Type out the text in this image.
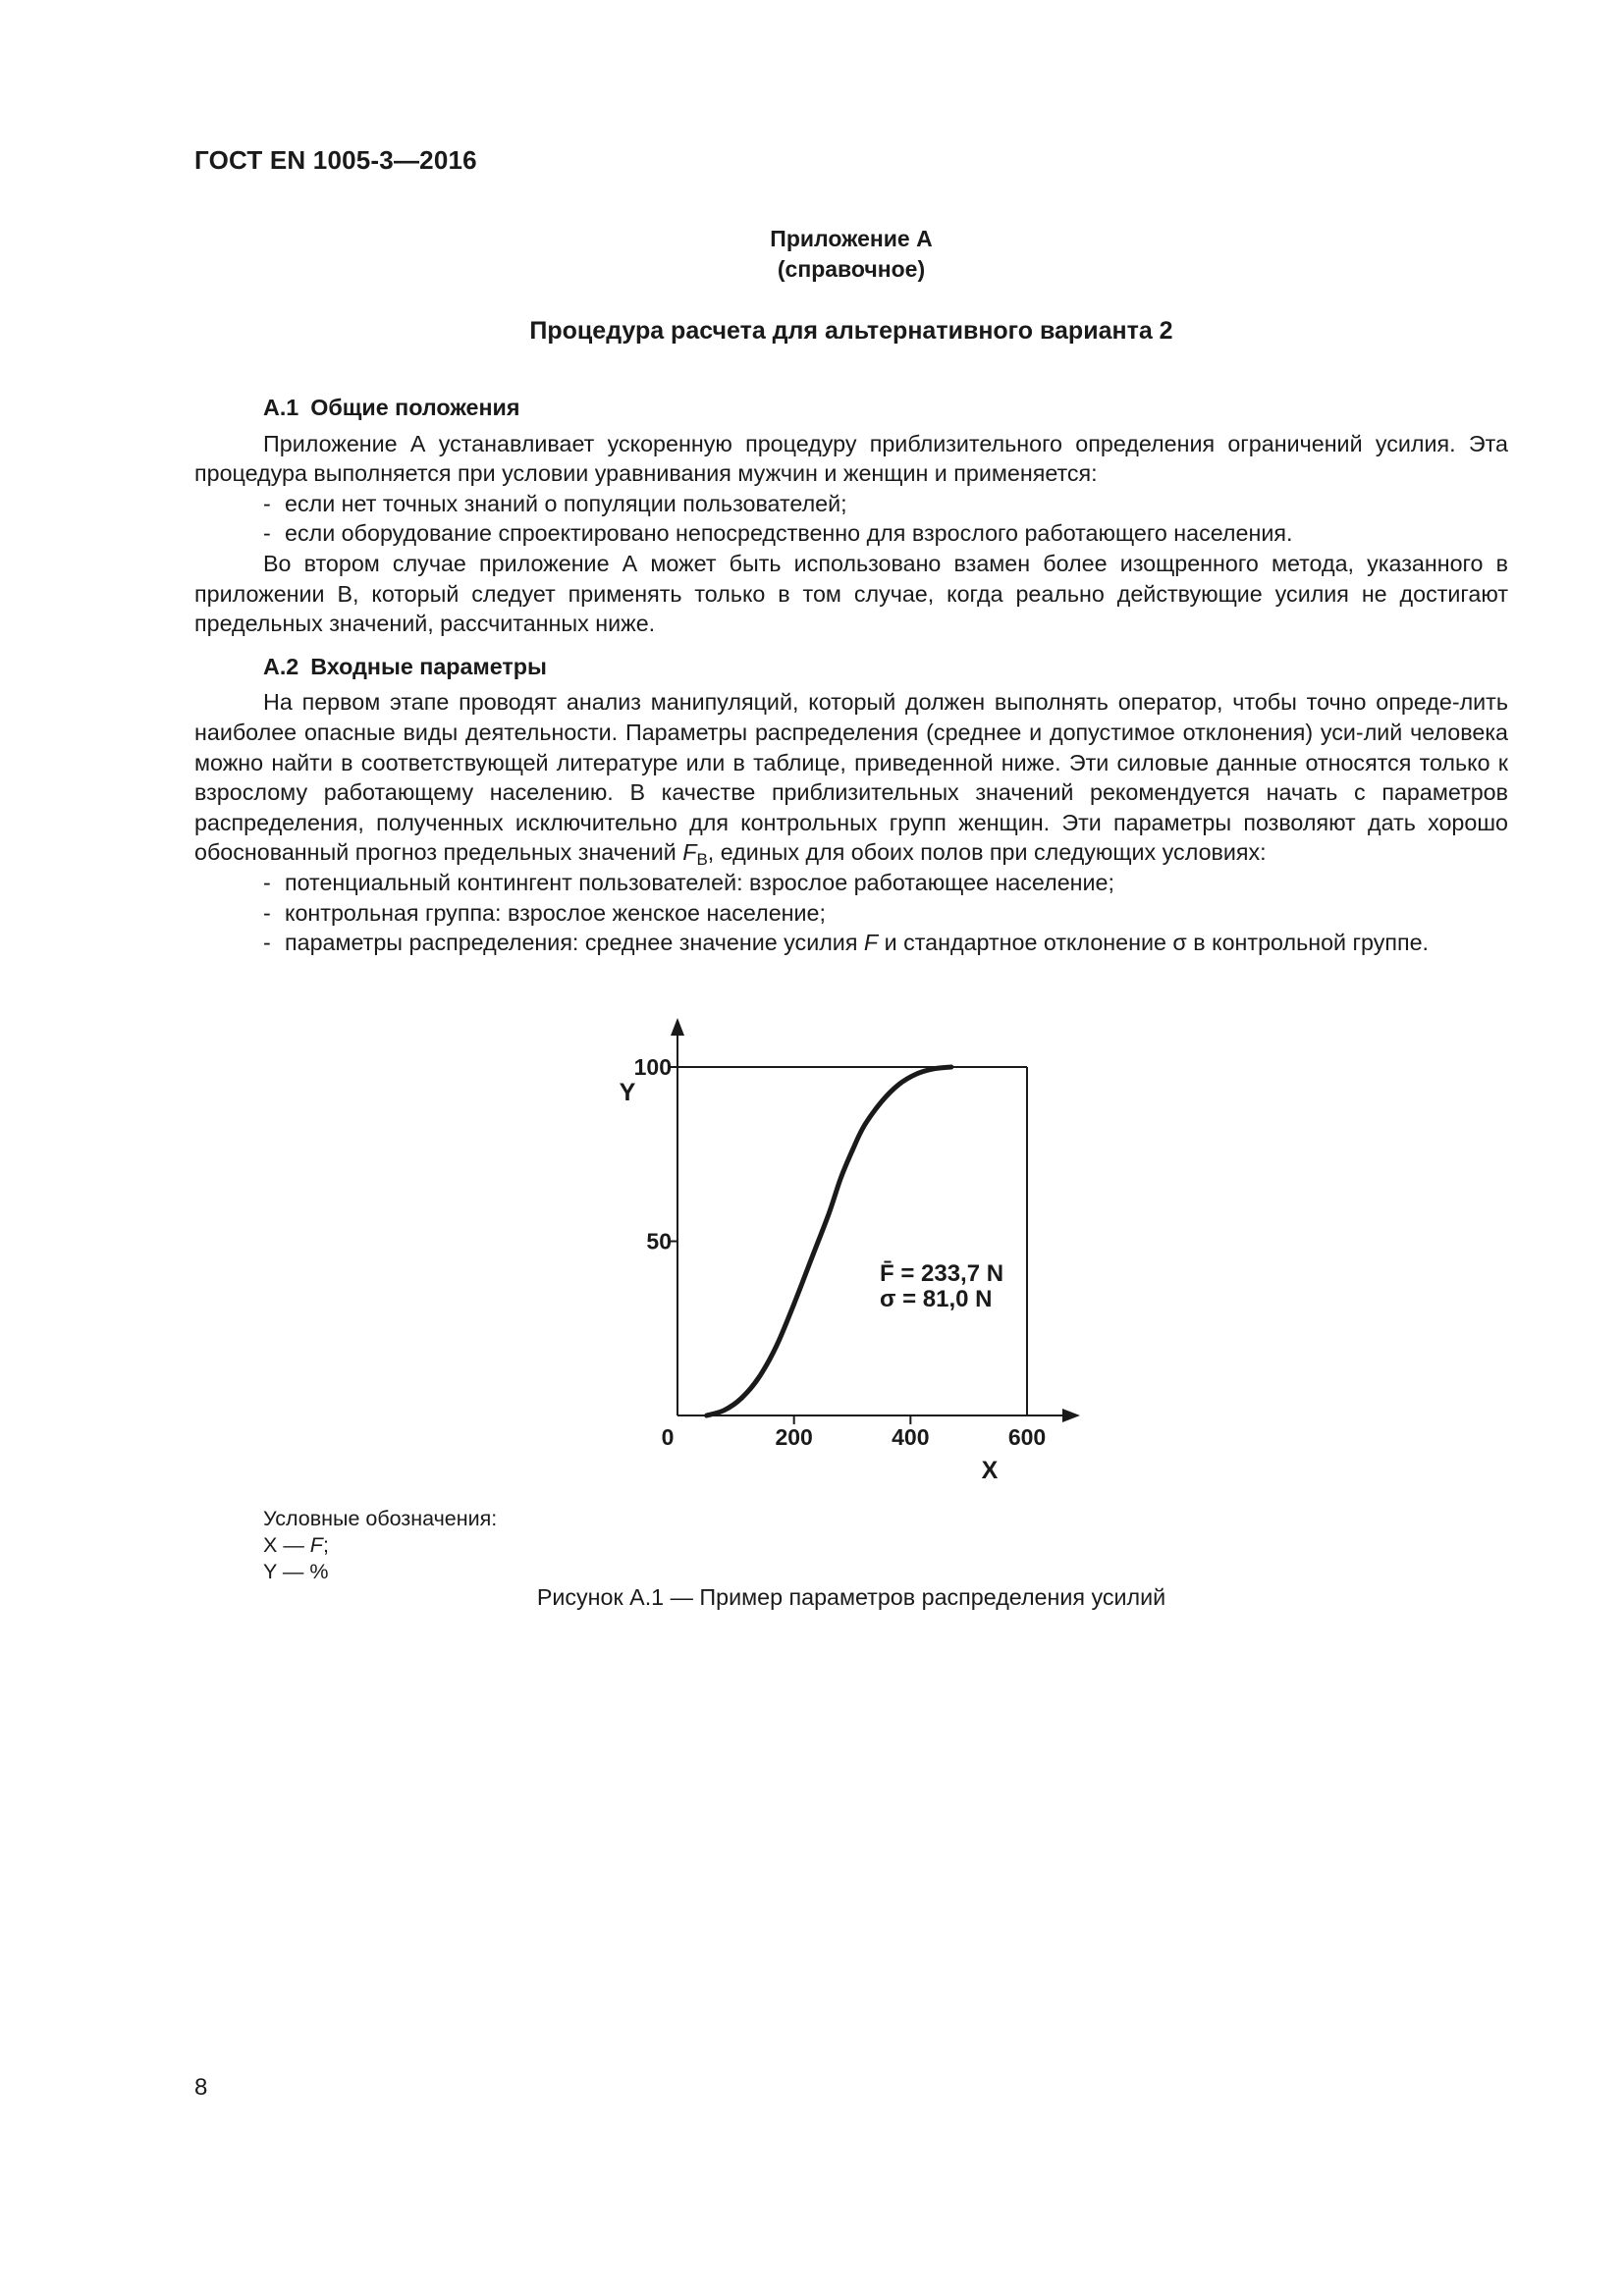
ГОСТ EN 1005-3—2016
Приложение А
(справочное)
Процедура расчета для альтернативного варианта 2

А.1 Общие положения

Приложение А устанавливает ускоренную процедуру приблизительного определения ограничений усилия. Эта процедура выполняется при условии уравнивания мужчин и женщин и применяется:

- если нет точных знаний о популяции пользователей;

- если оборудование спроектировано непосредственно для взрослого работающего населения.

Во втором случае приложение А может быть использовано взамен более изощренного метода, указанного в приложении В, который следует применять только в том случае, когда реально действующие усилия не достигают предельных значений, рассчитанных ниже.

А.2 Входные параметры

На первом этапе проводят анализ манипуляций, который должен выполнять оператор, чтобы точно опреде-лить наиболее опасные виды деятельности. Параметры распределения (среднее и допустимое отклонения) уси-лий человека можно найти в соответствующей литературе или в таблице, приведенной ниже. Эти силовые данные относятся только к взрослому работающему населению. В качестве приблизительных значений рекомендуется начать с параметров распределения, полученных исключительно для контрольных групп женщин. Эти параметры позволяют дать хорошо обоснованный прогноз предельных значений $F_B$, единых для обоих полов при следующих условиях:

- потенциальный контингент пользователей: взрослое работающее население;

- контрольная группа: взрослое женское население;

- параметры распределения: среднее значение усилия F и стандартное отклонение σ в контрольной группе.

0	200	400	600
50
100
X
Y
F̄ = 233,7 N
σ = 81,0 N
Условные обозначения:
X — F;
Y — %
Рисунок А.1 — Пример параметров распределения усилий
8
